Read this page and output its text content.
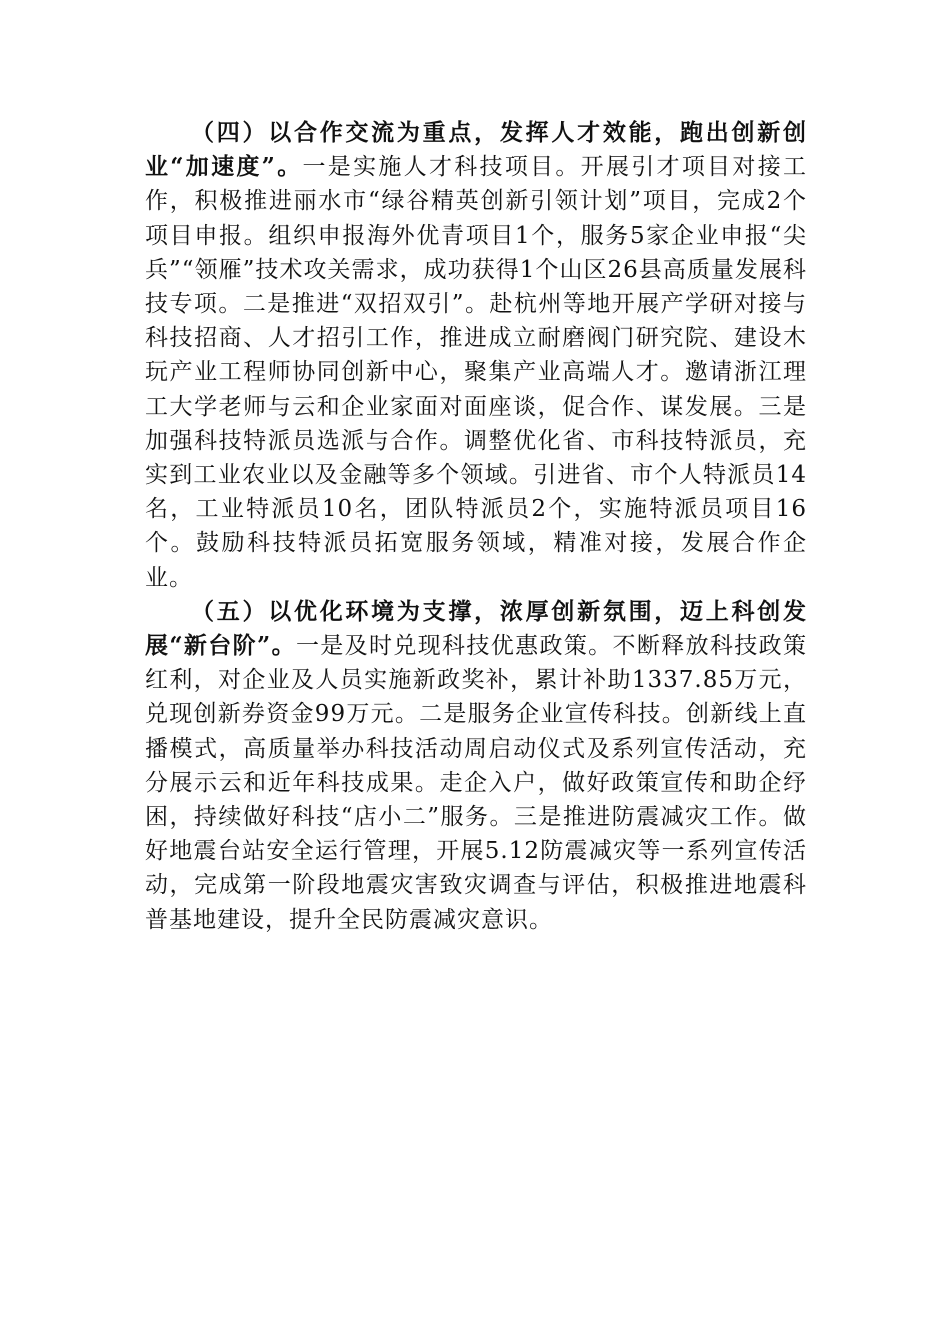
（四）以合作交流为重点，发挥人才效能，跑出创新创业“加速度”。一是实施人才科技项目。开展引才项目对接工作，积极推进丽水市“绿谷精英创新引领计划”项目，完成2个项目申报。组织申报海外优青项目1个，服务5家企业申报“尖兵”“领雁”技术攻关需求，成功获得1个山区26县高质量发展科技专项。二是推进“双招双引”。赴杭州等地开展产学研对接与科技招商、人才招引工作，推进成立耐磨阀门研究院、建设木玩产业工程师协同创新中心，聚集产业高端人才。邀请浙江理工大学老师与云和企业家面对面座谈，促合作、谋发展。三是加强科技特派员选派与合作。调整优化省、市科技特派员，充实到工业农业以及金融等多个领域。引进省、市个人特派员14名，工业特派员10名，团队特派员2个，实施特派员项目16个。鼓励科技特派员拓宽服务领域，精准对接，发展合作企业。

（五）以优化环境为支撑，浓厚创新氛围，迈上科创发展“新台阶”。一是及时兑现科技优惠政策。不断释放科技政策红利，对企业及人员实施新政奖补，累计补助1337.85万元，兑现创新券资金99万元。二是服务企业宣传科技。创新线上直播模式，高质量举办科技活动周启动仪式及系列宣传活动，充分展示云和近年科技成果。走企入户，做好政策宣传和助企纾困，持续做好科技“店小二”服务。三是推进防震减灾工作。做好地震台站安全运行管理，开展5.12防震减灾等一系列宣传活动，完成第一阶段地震灾害致灾调查与评估，积极推进地震科普基地建设，提升全民防震减灾意识。
